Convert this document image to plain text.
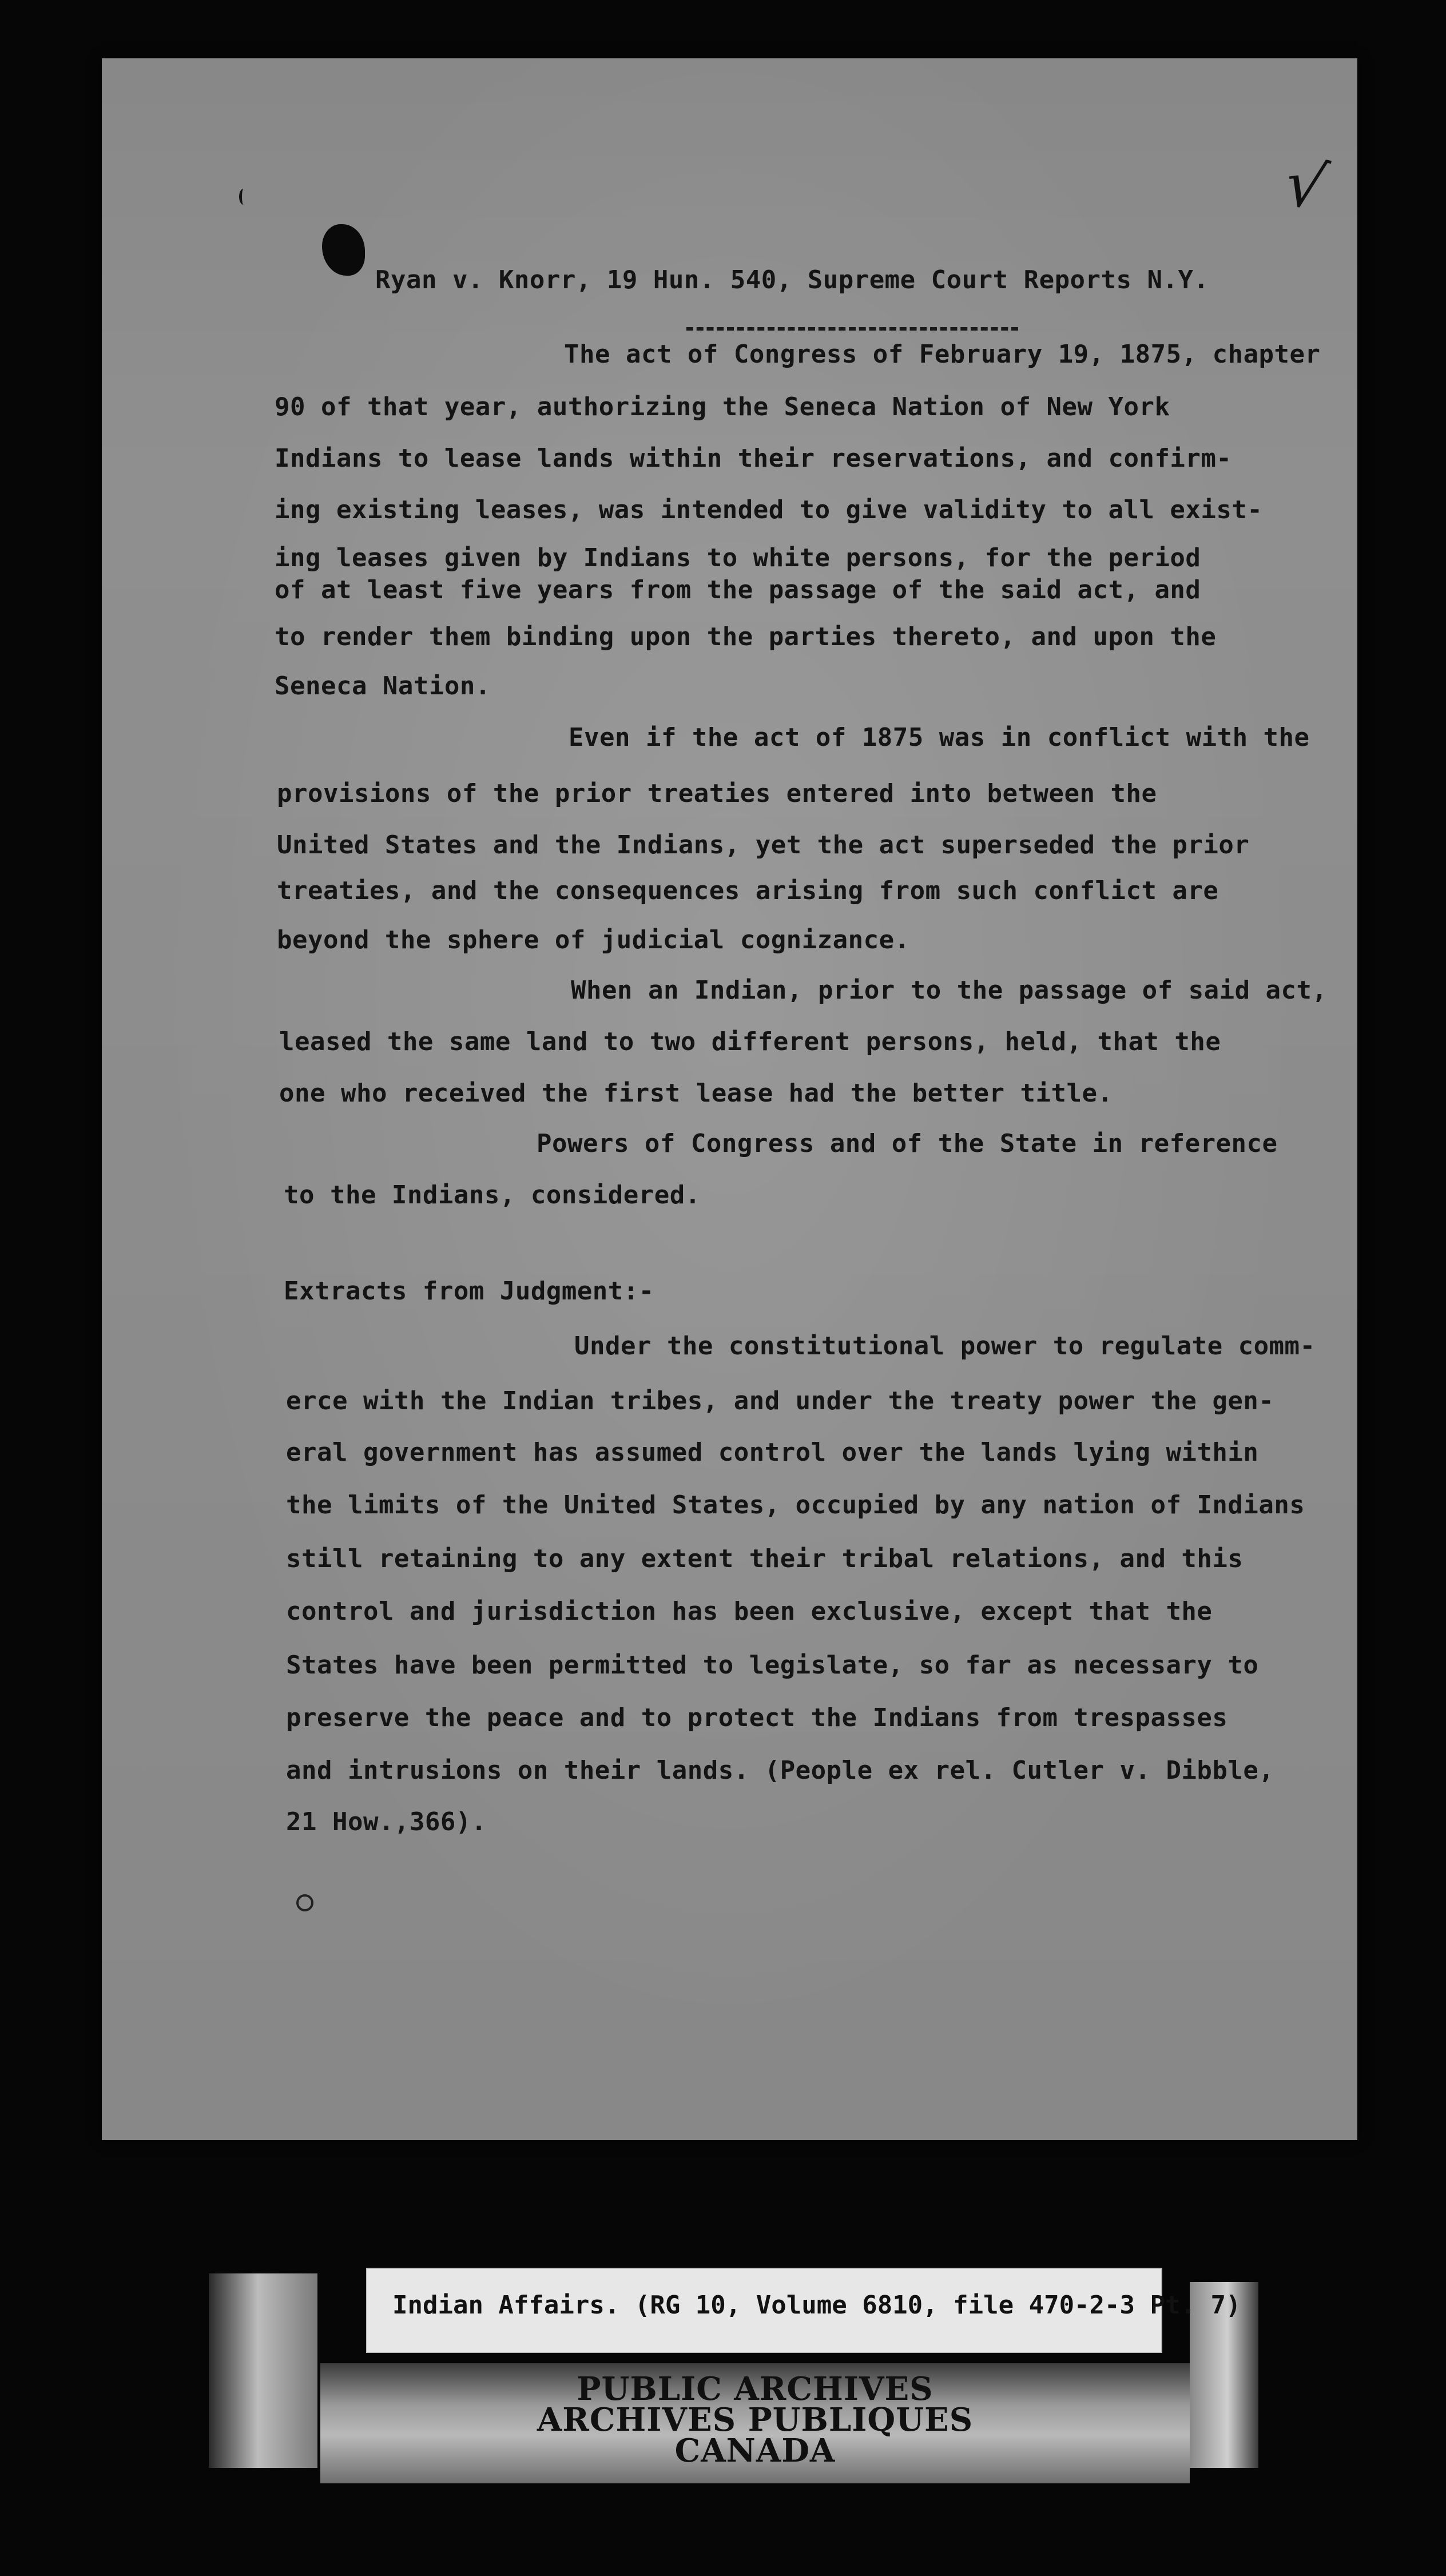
√
Ryan v. Knorr, 19 Hun. 540, Supreme Court Reports N.Y.
The act of Congress of February 19, 1875, chapter
90 of that year, authorizing the Seneca Nation of New York
Indians to lease lands within their reservations, and confirm-
ing existing leases, was intended to give validity to all exist-
ing leases given by Indians to white persons, for the period
of at least five years from the passage of the said act, and
to render them binding upon the parties thereto, and upon the
Seneca Nation.
Even if the act of 1875 was in conflict with the
provisions of the prior treaties entered into between the
United States and the Indians, yet the act superseded the prior
treaties, and the consequences arising from such conflict are
beyond the sphere of judicial cognizance.
When an Indian, prior to the passage of said act,
leased the same land to two different persons, held, that the
one who received the first lease had the better title.
Powers of Congress and of the State in reference
to the Indians, considered.
Extracts from Judgment:-
Under the constitutional power to regulate comm-
erce with the Indian tribes, and under the treaty power the gen-
eral government has assumed control over the lands lying within
the limits of the United States, occupied by any nation of Indians
still retaining to any extent their tribal relations, and this
control and jurisdiction has been exclusive, except that the
States have been permitted to legislate, so far as necessary to
preserve the peace and to protect the Indians from trespasses
and intrusions on their lands. (People ex rel. Cutler v. Dibble,
21 How.,366).
Indian Affairs. (RG 10, Volume 6810, file 470-2-3 Pt. 7)
PUBLIC ARCHIVES
ARCHIVES PUBLIQUES
CANADA
